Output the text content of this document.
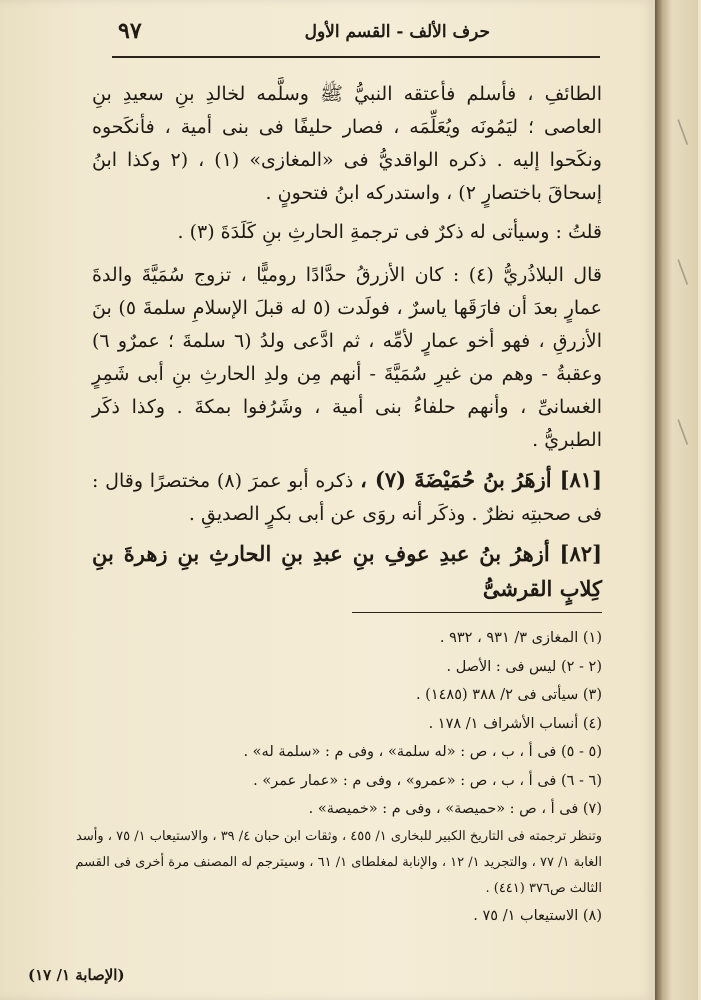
حرف الألف - القسم الأول
٩٧

الطائفِ ، فأسلم فأعتقه النبيُّ ﷺ وسلَّمه لخالدِ بنِ سعيدِ بنِ العاصى ؛ ليَمُونَه ويُعَلِّمَه ، فصار حليفًا فى بنى أمية ، فأنكَحوه ونكَحوا إليه . ذكره الواقديُّ فى «المغازى» (١) ، (٢ وكذا ابنُ إسحاقَ باختصارٍ ٢) ، واستدركه ابنُ فتحونٍ .

قلتُ : وسيأتى له ذكرٌ فى ترجمةِ الحارثِ بنِ كَلَدَةَ (٣) .

قال البلاذُريُّ (٤) : كان الأزرقُ حدَّادًا روميًّا ، تزوج سُمَيَّةَ والدةَ عمارٍ بعدَ أن فارَقَها ياسرٌ ، فولَدت (٥ له قبلَ الإسلامِ سلمةَ ٥) بنَ الأزرقِ ، فهو أخو عمارٍ لأمِّه ، ثم ادَّعى ولدُ (٦ سلمةَ ؛ عمرٌو ٦) وعقبةُ - وهم من غيرِ سُمَيَّةَ - أنهم مِن ولدِ الحارثِ بنِ أبى شَمِرٍ الغسانىِّ ، وأنهم حلفاءُ بنى أمية ، وشَرُفوا بمكةَ . وكذا ذكَر الطبريُّ .

[٨١] أزهَرُ بنُ حُمَيْضَةَ (٧) ، ذكره أبو عمرَ (٨) مختصرًا وقال : فى صحبتِه نظرٌ . وذكَر أنه روَى عن أبى بكرٍ الصديقِ .

[٨٢] أزهرُ بنُ عبدِ عوفِ بنِ عبدِ بنِ الحارثِ بنِ زهرةَ بنِ كِلابٍ القرشىُّ

(١) المغازى ٣/ ٩٣١ ، ٩٣٢ .
(٢ - ٢) ليس فى : الأصل .
(٣) سيأتى فى ٢/ ٣٨٨ (١٤٨٥) .
(٤) أنساب الأشراف ١/ ١٧٨ .
(٥ - ٥) فى أ ، ب ، ص : «له سلمة» ، وفى م : «سلمة له» .
(٦ - ٦) فى أ ، ب ، ص : «عمرو» ، وفى م : «عمار عمر» .
(٧) فى أ ، ص : «حميصة» ، وفى م : «خميصة» .
وتنظر ترجمته فى التاريخ الكبير للبخارى ١/ ٤٥٥ ، وثقات ابن حبان ٤/ ٣٩ ، والاستيعاب ١/ ٧٥ ، وأسد الغابة ١/ ٧٧ ، والتجريد ١/ ١٢ ، والإنابة لمغلطاى ١/ ٦١ ، وسيترجم له المصنف مرة أخرى فى القسم الثالث ص٣٧٦ (٤٤١) .
(٨) الاستيعاب ١/ ٧٥ .
(الإصابة ١/ ١٧)
ـــــ
ـــــ
ـــــ
